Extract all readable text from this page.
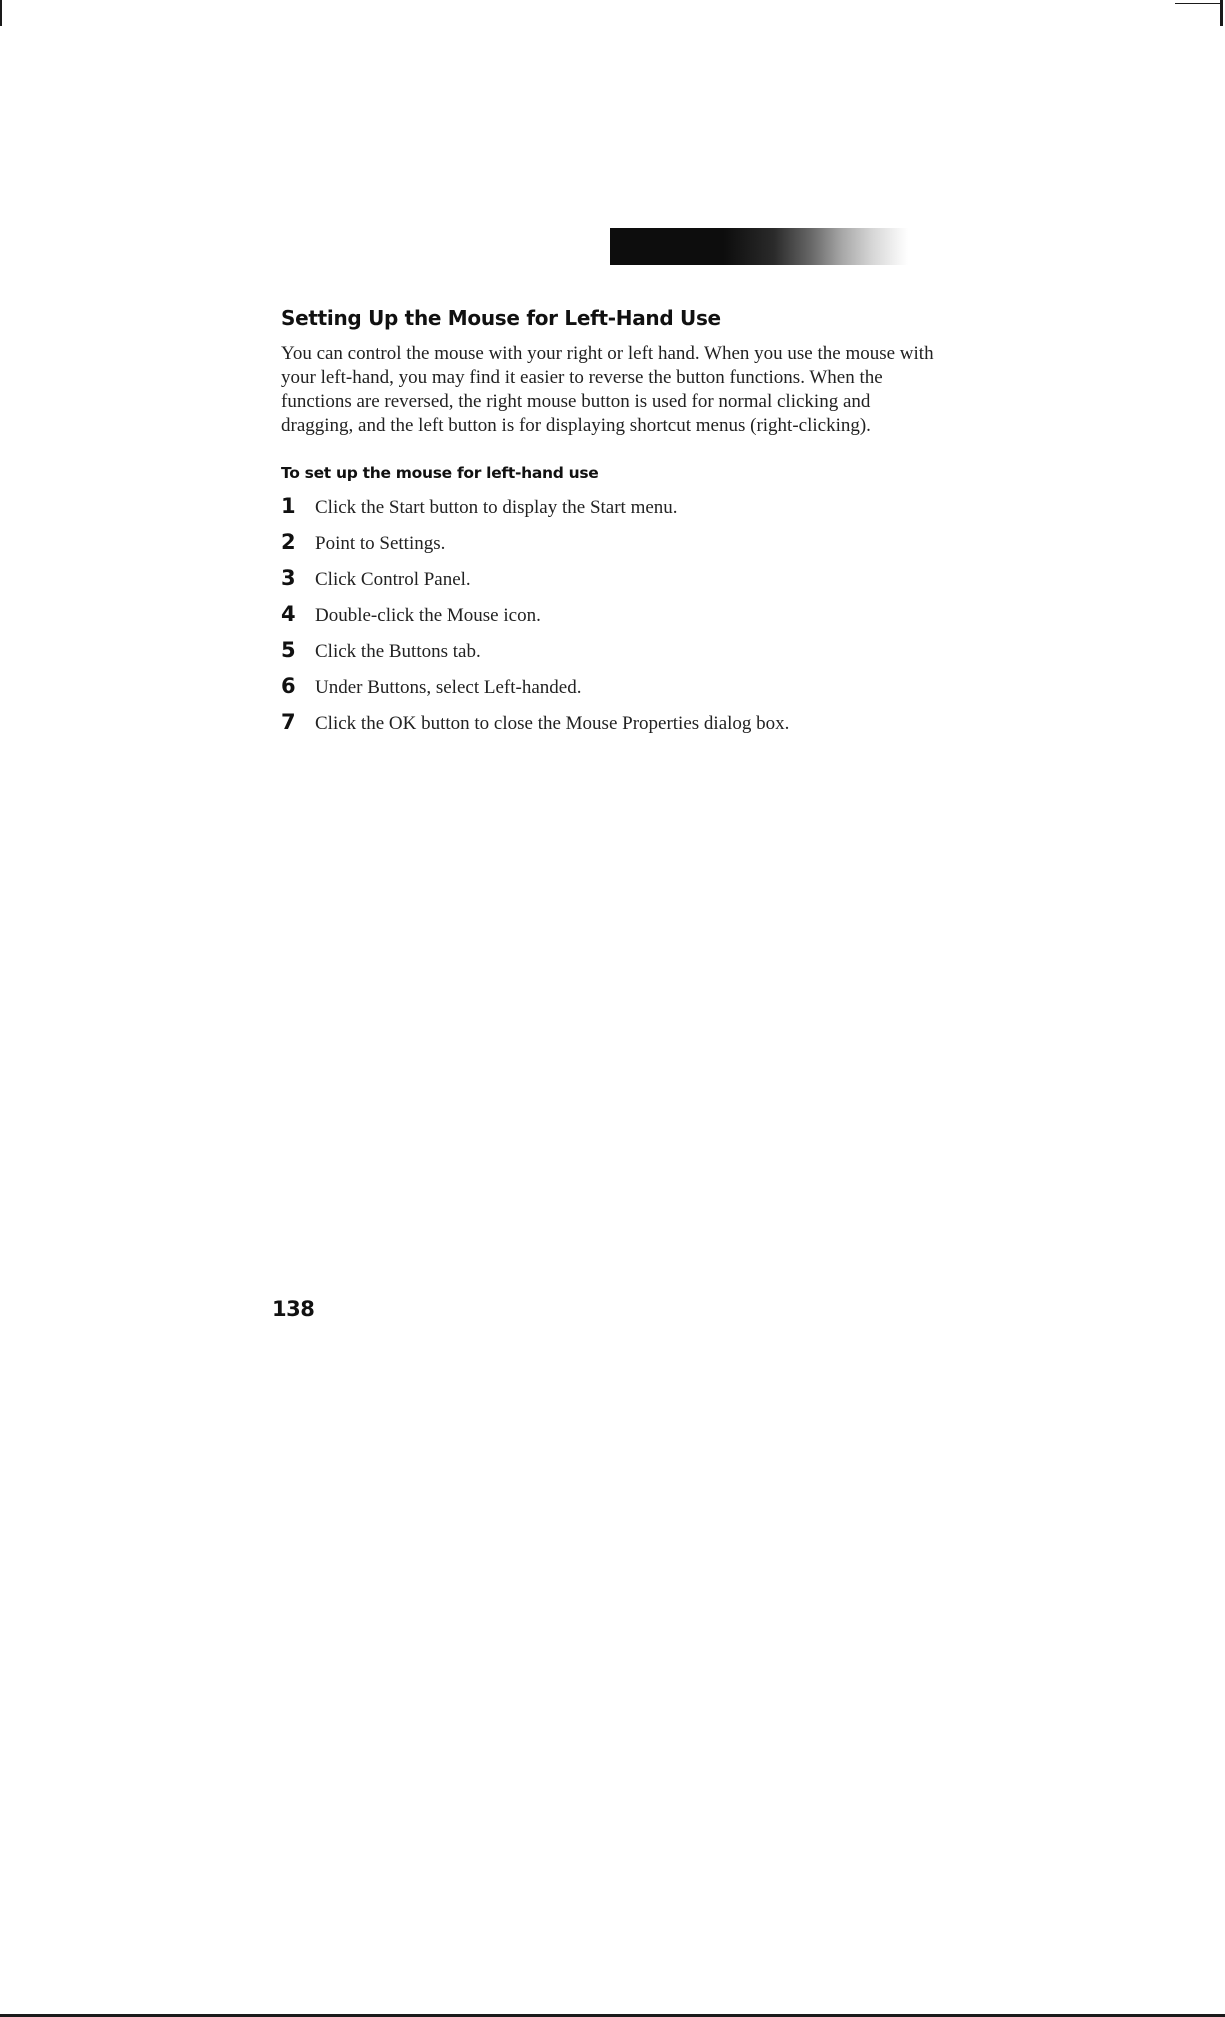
Setting Up the Mouse for Left-Hand Use

You can control the mouse with your right or left hand. When you use the mouse with your left-hand, you may find it easier to reverse the button functions. When the functions are reversed, the right mouse button is used for normal clicking and dragging, and the left button is for displaying shortcut menus (right-clicking).

To set up the mouse for left-hand use
1	Click the Start button to display the Start menu.
2	Point to Settings.
3	Click Control Panel.
4	Double-click the Mouse icon.
5	Click the Buttons tab.
6	Under Buttons, select Left-handed.
7	Click the OK button to close the Mouse Properties dialog box.
138
